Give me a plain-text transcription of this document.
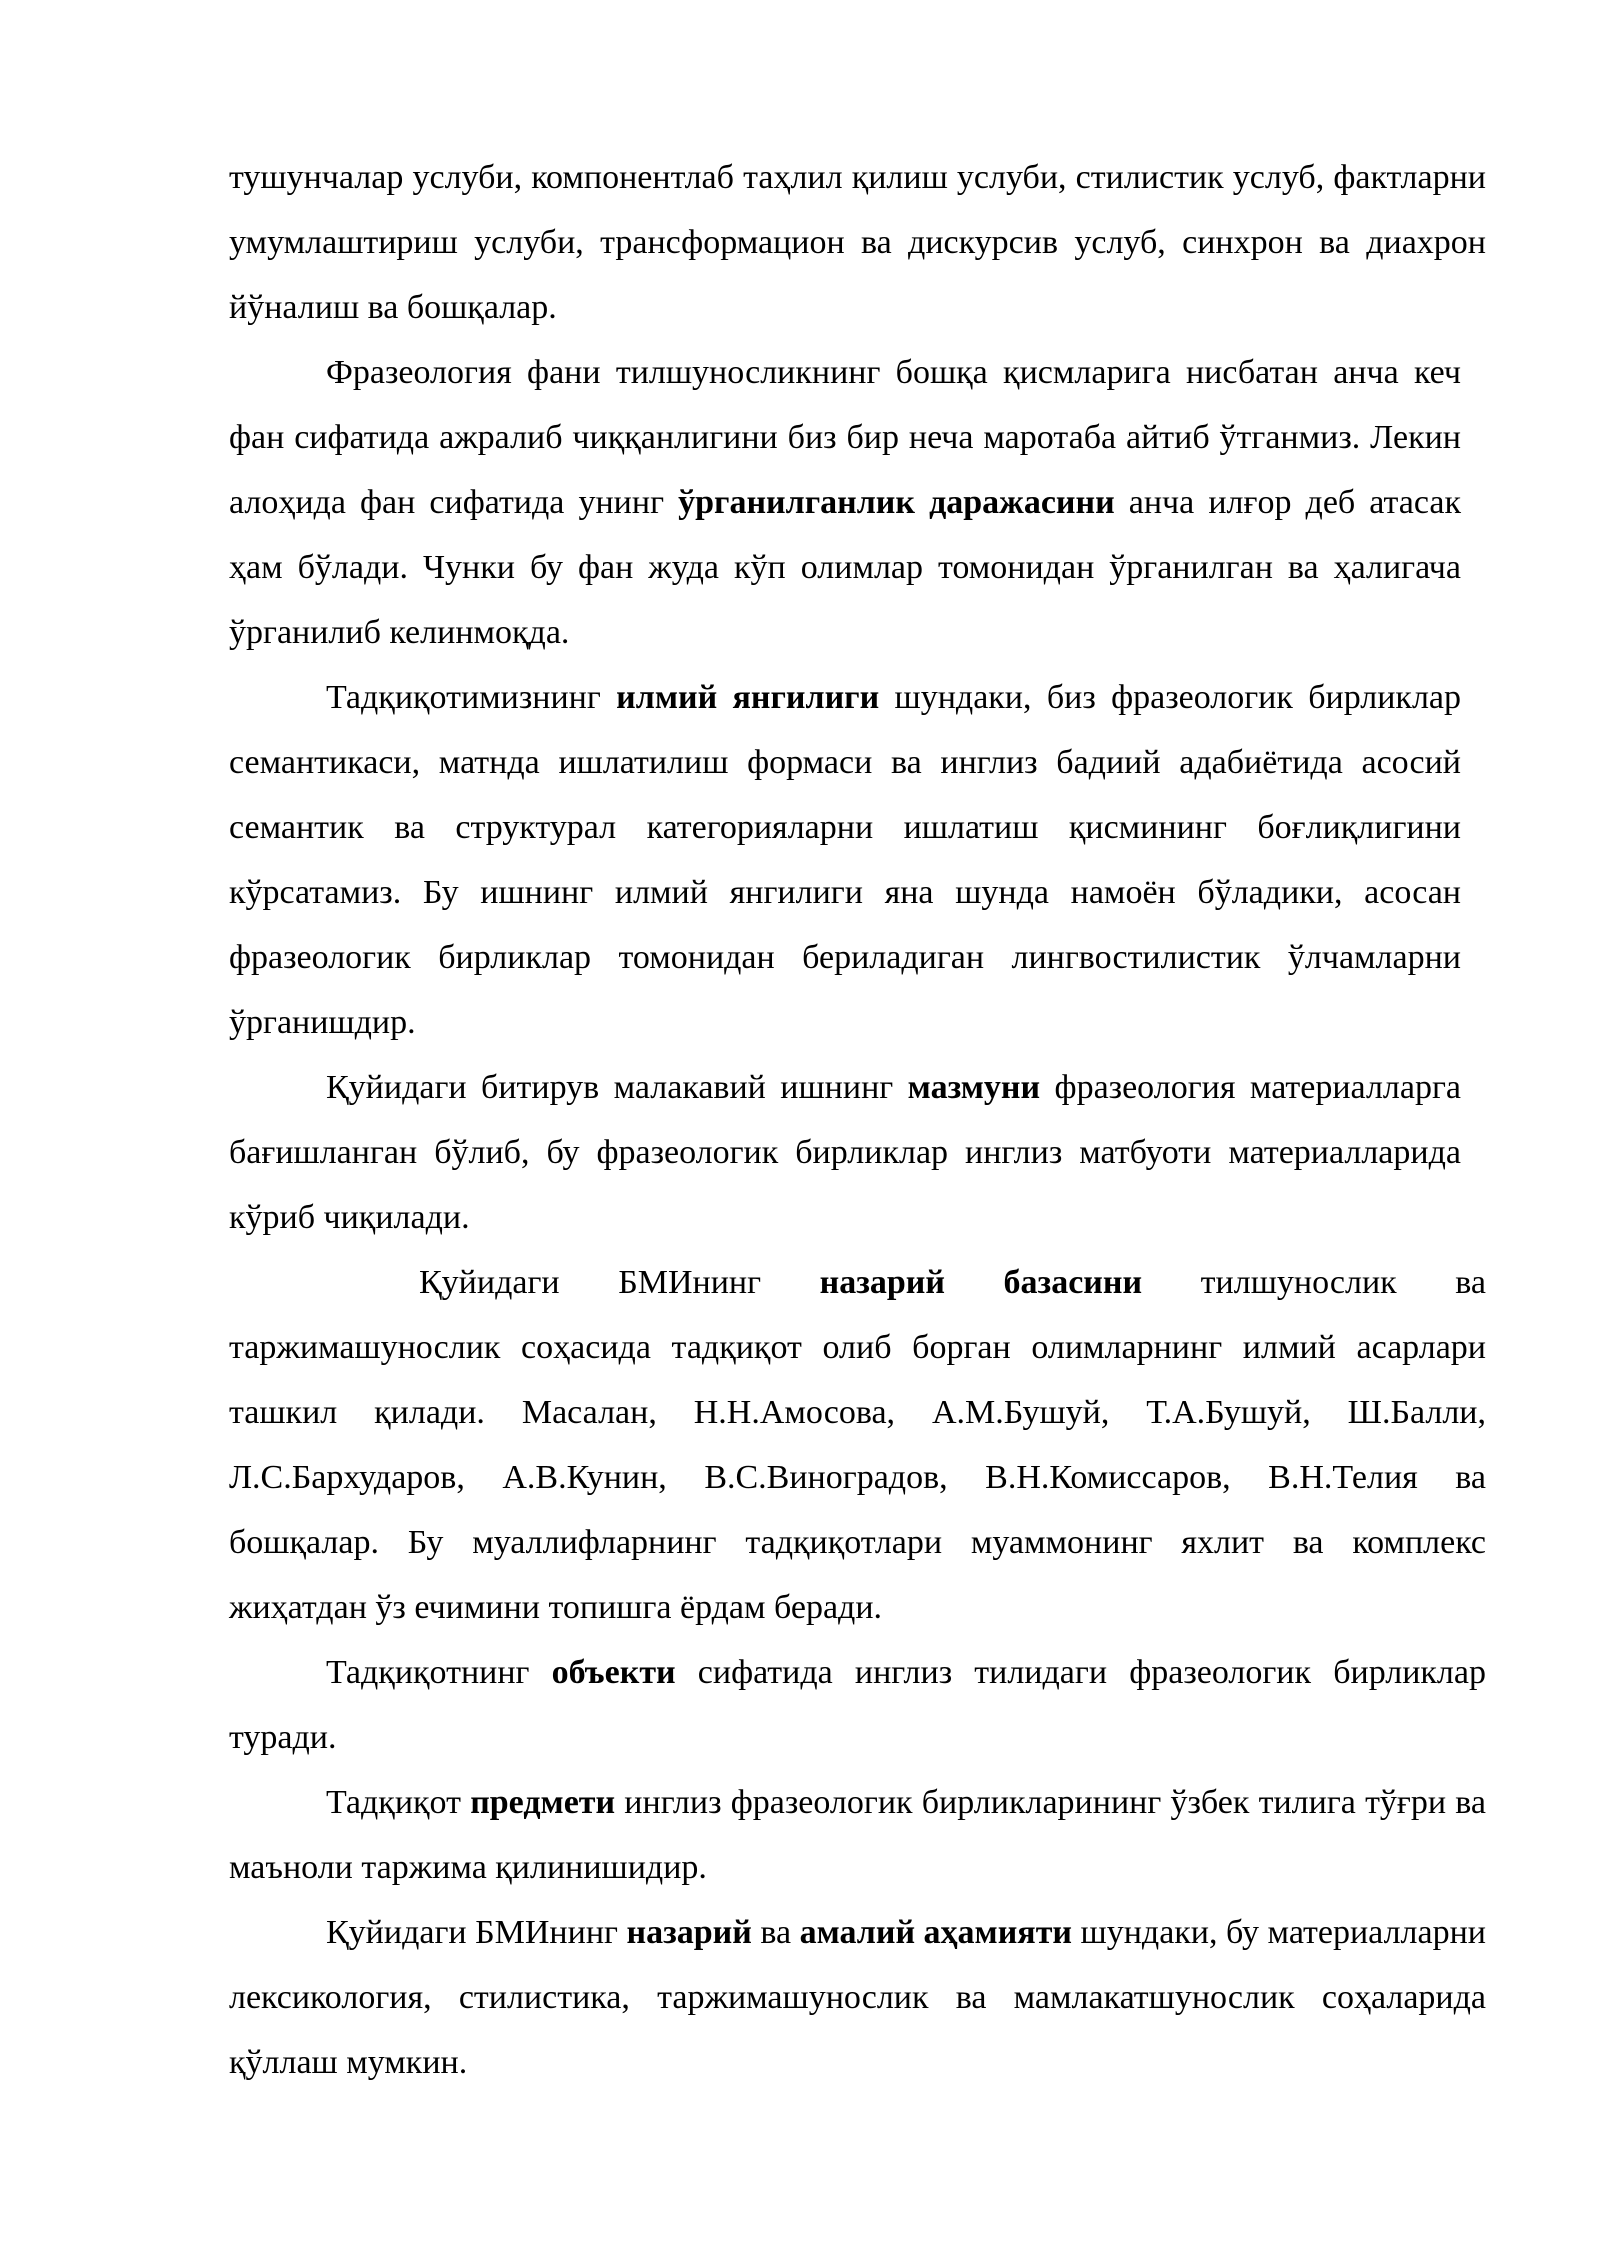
тушунчалар услуби, компонентлаб таҳлил қилиш услуби, стилистик услуб, фактларни умумлаштириш услуби, трансформацион ва дискурсив услуб, синхрон ва диахрон йўналиш ва бошқалар.

Фразеология фани тилшуносликнинг бошқа қисмларига нисбатан анча кеч фан сифатида ажралиб чиққанлигини биз бир неча маротаба айтиб ўтганмиз. Лекин алоҳида фан сифатида унинг ўрганилганлик даражасини анча илғор деб атасак ҳам бўлади. Чунки бу фан жуда кўп олимлар томонидан ўрганилган ва ҳалигача ўрганилиб келинмоқда.

Тадқиқотимизнинг илмий янгилиги шундаки, биз фразеологик бирликлар семантикаси, матнда ишлатилиш формаси ва инглиз бадиий адабиётида асосий семантик ва структурал категорияларни ишлатиш қисмининг боғлиқлигини кўрсатамиз. Бу ишнинг илмий янгилиги яна шунда намоён бўладики, асосан фразеологик бирликлар томонидан бериладиган лингвостилистик ўлчамларни ўрганишдир.

Қуйидаги битирув малакавий ишнинг мазмуни фразеология материалларга бағишланган бўлиб, бу фразеологик бирликлар инглиз матбуоти материалларида кўриб чиқилади.

Қуйидаги БМИнинг назарий базасини тилшунослик ва таржимашунослик соҳасида тадқиқот олиб борган олимларнинг илмий асарлари ташкил қилади. Масалан, Н.Н.Амосова, А.М.Бушуй, Т.А.Бушуй, Ш.Балли, Л.С.Бархударов, А.В.Кунин, В.С.Виноградов, В.Н.Комиссаров, В.Н.Телия ва бошқалар. Бу муаллифларнинг тадқиқотлари муаммонинг яхлит ва комплекс жиҳатдан ўз ечимини топишга ёрдам беради.

Тадқиқотнинг объекти сифатида инглиз тилидаги фразеологик бирликлар туради.

Тадқиқот предмети инглиз фразеологик бирликларининг ўзбек тилига тўғри ва маъноли таржима қилинишидир.

Қуйидаги БМИнинг назарий ва амалий аҳамияти шундаки, бу материалларни лексикология, стилистика, таржимашунослик ва мамлакатшунослик соҳаларида қўллаш мумкин.
